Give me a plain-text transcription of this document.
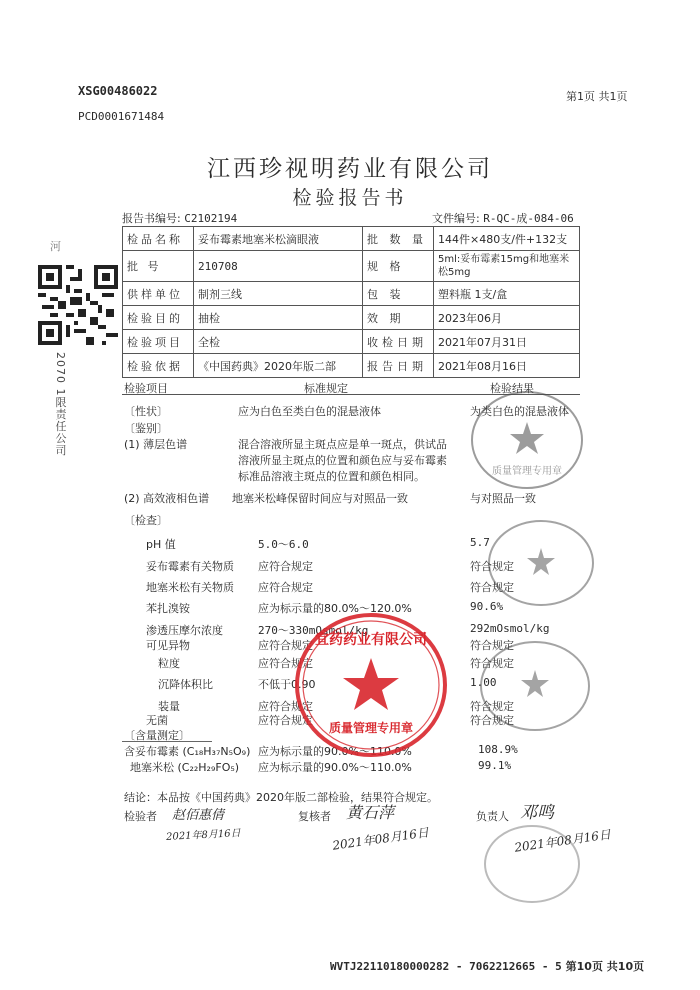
XSG00486022
PCD0001671484
第1页 共1页
江西珍视明药业有限公司
检验报告书
报告书编号: C2102194	文件编号: R-QC-成-084-06
河
2070 1限责任公司
检品名称	妥布霉素地塞米松滴眼液	批 数 量	144件×480支/件+132支
批 号	210708	规 格	5ml:妥布霉素15mg和地塞米松5mg
供样单位	制剂三线	包 装	塑料瓶 1支/盒
检验目的	抽检	效 期	2023年06月
检验项目	全检	收检日期	2021年07月31日
检验依据	《中国药典》2020年版二部	报告日期	2021年08月16日
检验项目	标准规定	检验结果
〔性状〕	应为白色至类白色的混悬液体	为类白色的混悬液体
〔鉴别〕
(1) 薄层色谱	混合溶液所显主斑点应是单一斑点，供试品
溶液所显主斑点的位置和颜色应与妥布霉素
标准品溶液主斑点的位置和颜色相同。
(2) 高效液相色谱 地塞米松峰保留时间应与对照品一致	与对照品一致
〔检查〕
pH 值	5.0～6.0	5.7
妥布霉素有关物质 应符合规定	符合规定
地塞米松有关物质 应符合规定	符合规定
苯扎溴铵	应为标示量的80.0%～120.0%	90.6%
渗透压摩尔浓度	270～330mOsmol/kg	292mOsmol/kg
可见异物	应符合规定	符合规定
粒度	应符合规定	符合规定
沉降体积比	不低于0.90	1.00
装量	应符合规定	符合规定
无菌	应符合规定	符合规定
〔含量测定〕
含妥布霉素 (C₁₈H₃₇N₅O₉) 应为标示量的90.0%～110.0%	108.9%
地塞米松 (C₂₂H₂₉FO₅) 应为标示量的90.0%～110.0%	99.1%
结论：本品按《中国药典》2020年版二部检验，结果符合规定。
检验者 赵佰惠倩
2021年8月16日
复核者 黄石萍
2021年08月16日
负责人 邓鸣
2021年08月16日
质量管理专用章
质量管理专用章
宜药药业有限公司
WVTJ22110180000282 - 7062212665 - 5 第10页 共10页
